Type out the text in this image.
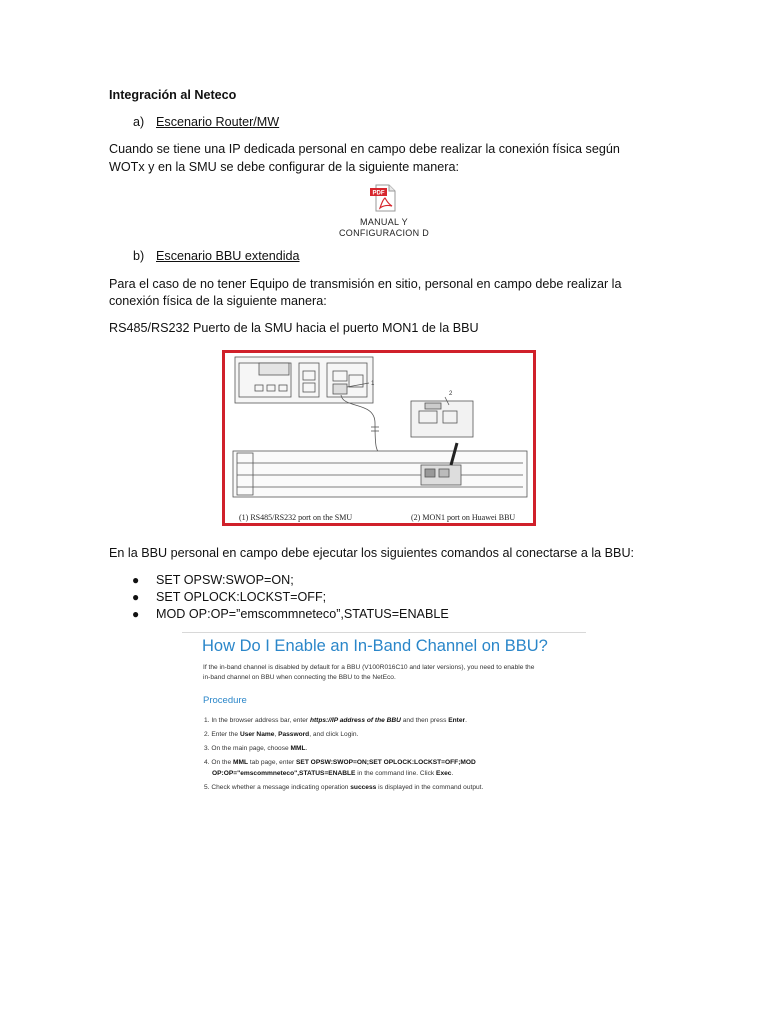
Integración al Neteco
a) Escenario Router/MW
Cuando se tiene una IP dedicada personal en campo debe realizar la conexión física según
WOTx y en la SMU se debe configurar de la siguiente manera:
PDF
MANUAL Y
CONFIGURACION D
b) Escenario BBU extendida
Para el caso de no tener Equipo de transmisión en sitio, personal en campo debe realizar la
conexión física de la siguiente manera:
RS485/RS232 Puerto de la SMU hacia el puerto MON1 de la BBU
1
2
(1) RS485/RS232 port on the SMU	(2) MON1 port on Huawei BBU
En la BBU personal en campo debe ejecutar los siguientes comandos al conectarse a la BBU:
● SET OPSW:SWOP=ON;
● SET OPLOCK:LOCKST=OFF;
● MOD OP:OP=”emscommneteco”,STATUS=ENABLE
How Do I Enable an In-Band Channel on BBU?
If the in-band channel is disabled by default for a BBU (V100R016C10 and later versions), you need to enable the
in-band channel on BBU when connecting the BBU to the NetEco.
Procedure
1. In the browser address bar, enter https://IP address of the BBU and then press Enter.
2. Enter the User Name, Password, and click Login.
3. On the main page, choose MML.
4. On the MML tab page, enter SET OPSW:SWOP=ON;SET OPLOCK:LOCKST=OFF;MOD
OP:OP="emscommneteco",STATUS=ENABLE in the command line. Click Exec.
5. Check whether a message indicating operation success is displayed in the command output.
